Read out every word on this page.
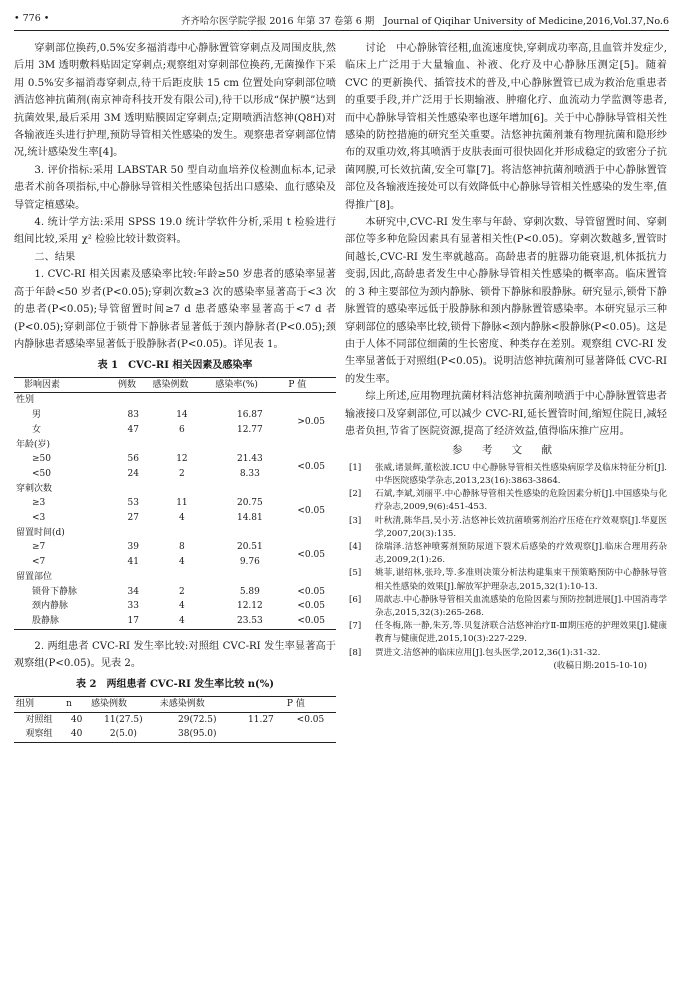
• 776 •	齐齐哈尔医学院学报 2016 年第 37 卷第 6 期　Journal of Qiqihar University of Medicine,2016,Vol.37,No.6

穿刺部位换药,0.5%安多福消毒中心静脉置管穿刺点及周围皮肤,然后用 3M 透明敷料贴固定穿刺点;观察组对穿刺部位换药,无菌操作下采用 0.5%安多福消毒穿刺点,待干后距皮肤 15 cm 位置处向穿刺部位喷洒洁悠神抗菌剂(南京神奇科技开发有限公司),待干以形成“保护膜”达到抗菌效果,最后采用 3M 透明贴膜固定穿刺点;定期喷洒洁悠神(Q8H)对各输液连头进行护理,预防导管相关性感染的发生。观察患者穿刺部位情况,统计感染发生率[4]。

3. 评价指标:采用 LABSTAR 50 型自动血培养仪检测血标本,记录患者术前各项指标,中心静脉导管相关性感染包括出口感染、血行感染及导管定植感染。

4. 统计学方法:采用 SPSS 19.0 统计学软件分析,采用 t 检验进行组间比较,采用 χ² 检验比较计数资料。

二、结果

1. CVC-RI 相关因素及感染率比较:年龄≥50 岁患者的感染率显著高于年龄<50 岁者(P<0.05);穿刺次数≥3 次的感染率显著高于<3 次的患者(P<0.05);导管留置时间≥7 d 患者感染率显著高于<7 d 者(P<0.05);穿刺部位于锁骨下静脉者显著低于颈内静脉者(P<0.05);颈内静脉患者感染率显著低于股静脉者(P<0.05)。详见表 1。

表 1　CVC-RI 相关因素及感染率
影响因素	例数	感染例数	感染率(%)	P 值
性别				
男	83	14	16.87	>0.05
女	47	6	12.77	
年龄(岁)				
≥50	56	12	21.43	<0.05
<50	24	2	8.33	
穿刺次数				
≥3	53	11	20.75	<0.05
<3	27	4	14.81	
留置时间(d)				
≥7	39	8	20.51	<0.05
<7	41	4	9.76	
留置部位				
锁骨下静脉	34	2	5.89	<0.05
颈内静脉	33	4	12.12	<0.05
股静脉	17	4	23.53	<0.05

2. 两组患者 CVC-RI 发生率比较:对照组 CVC-RI 发生率显著高于观察组(P<0.05)。见表 2。

表 2　两组患者 CVC-RI 发生率比较 n(%)
组别	n	感染例数	未感染例数		P 值
对照组	40	11(27.5)	29(72.5)	11.27	<0.05
观察组	40	2(5.0)	38(95.0)		

讨论　中心静脉管径粗,血流速度快,穿刺成功率高,且血管并发症少,临床上广泛用于大量输血、补液、化疗及中心静脉压测定[5]。随着 CVC 的更新换代、插管技术的普及,中心静脉置管已成为救治危重患者的重要手段,并广泛用于长期输液、肿瘤化疗、血流动力学监测等患者,而中心静脉导管相关性感染率也逐年增加[6]。关于中心静脉导管相关性感染的防控措施的研究至关重要。洁悠神抗菌剂兼有物理抗菌和隐形纱布的双重功效,将其喷洒于皮肤表面可很快固化并形成稳定的致密分子抗菌网膜,可长效抗菌,安全可靠[7]。将洁悠神抗菌剂喷洒于中心静脉置管部位及各输液连接处可以有效降低中心静脉导管相关性感染的发生率,值得推广[8]。

本研究中,CVC-RI 发生率与年龄、穿刺次数、导管留置时间、穿刺部位等多种危险因素具有显著相关性(P<0.05)。穿刺次数越多,置管时间越长,CVC-RI 发生率就越高。高龄患者的脏器功能衰退,机体抵抗力变弱,因此,高龄患者发生中心静脉导管相关性感染的概率高。临床置管的 3 种主要部位为颈内静脉、锁骨下静脉和股静脉。研究显示,锁骨下静脉置管的感染率远低于股静脉和颈内静脉置管感染率。本研究显示三种穿刺部位的感染率比较,锁骨下静脉<颈内静脉<股静脉(P<0.05)。这是由于人体不同部位细菌的生长密度、种类存在差别。观察组 CVC-RI 发生率显著低于对照组(P<0.05)。说明洁悠神抗菌剂可显著降低 CVC-RI 的发生率。

综上所述,应用物理抗菌材料洁悠神抗菌剂喷洒于中心静脉置管患者输液接口及穿刺部位,可以减少 CVC-RI,延长置管时间,缩短住院日,减轻患者负担,节省了医院资源,提高了经济效益,值得临床推广应用。

参 考 文 献
[1] 张威,诸景辉,董松波.ICU 中心静脉导管相关性感染病原学及临床特征分析[J].中华医院感染学杂志,2013,23(16):3863-3864.
[2] 石斌,李斌,刘丽平.中心静脉导管相关性感染的危险因素分析[J].中国感染与化疗杂志,2009,9(6):451-453.
[3] 叶秋清,陈华昌,吴小芳.洁悠神长效抗菌喷雾剂治疗压疮在疗效观察[J].华夏医学,2007,20(3):135.
[4] 徐瑞泽.洁悠神喷雾剂预防尿道下裂术后感染的疗效观察[J].临床合理用药杂志,2009,2(1):26.
[5] 姚菲,谌绍林,张玲,等.多准则决策分析法构建集束干预策略预防中心静脉导管相关性感染的效果[J].解放军护理杂志,2015,32(1):10-13.
[6] 周歆志.中心静脉导管相关血流感染的危险因素与预防控制进展[J].中国消毒学杂志,2015,32(3):265-268.
[7] 任冬梅,陈一静,朱芳,等.贝复济联合洁悠神治疗Ⅱ-Ⅲ期压疮的护理效果[J].健康教育与健康促进,2015,10(3):227-229.
[8] 贾进文.洁悠神的临床应用[J].包头医学,2012,36(1):31-32.
(收稿日期:2015-10-10)
